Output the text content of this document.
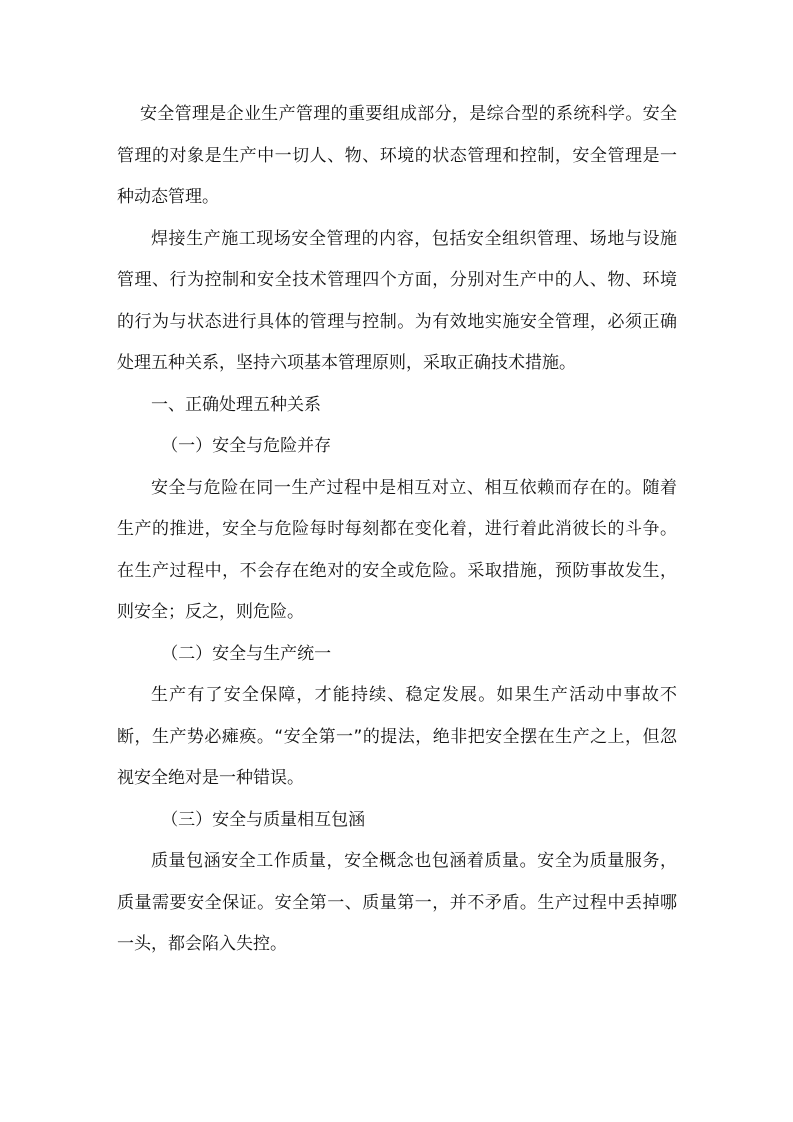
安全管理是企业生产管理的重要组成部分，是综合型的系统科学。安全管理的对象是生产中一切人、物、环境的状态管理和控制，安全管理是一种动态管理。

焊接生产施工现场安全管理的内容，包括安全组织管理、场地与设施管理、行为控制和安全技术管理四个方面，分别对生产中的人、物、环境的行为与状态进行具体的管理与控制。为有效地实施安全管理，必须正确处理五种关系，坚持六项基本管理原则，采取正确技术措施。

一、正确处理五种关系

（一）安全与危险并存

安全与危险在同一生产过程中是相互对立、相互依赖而存在的。随着生产的推进，安全与危险每时每刻都在变化着，进行着此消彼长的斗争。在生产过程中，不会存在绝对的安全或危险。采取措施，预防事故发生，则安全；反之，则危险。

（二）安全与生产统一

生产有了安全保障，才能持续、稳定发展。如果生产活动中事故不断，生产势必瘫痪。“安全第一”的提法，绝非把安全摆在生产之上，但忽视安全绝对是一种错误。

（三）安全与质量相互包涵

质量包涵安全工作质量，安全概念也包涵着质量。安全为质量服务，质量需要安全保证。安全第一、质量第一，并不矛盾。生产过程中丢掉哪一头，都会陷入失控。
